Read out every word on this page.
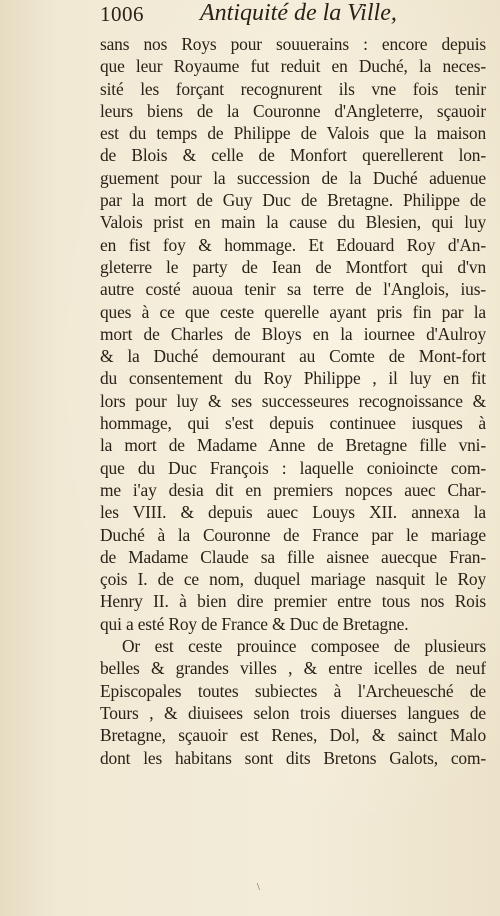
1006 Antiquité de la Ville,
sans nos Roys pour souuerains : encore depuis
que leur Royaume fut reduit en Duché, la neces-
sité les forçant recognurent ils vne fois tenir
leurs biens de la Couronne d'Angleterre, sçauoir
est du temps de Philippe de Valois que la maison
de Blois & celle de Monfort querellerent lon-
guement pour la succession de la Duché aduenue
par la mort de Guy Duc de Bretagne. Philippe de
Valois prist en main la cause du Blesien, qui luy
en fist foy & hommage. Et Edouard Roy d'An-
gleterre le party de Iean de Montfort qui d'vn
autre costé auoua tenir sa terre de l'Anglois, ius-
ques à ce que ceste querelle ayant pris fin par la
mort de Charles de Bloys en la iournee d'Aulroy
& la Duché demourant au Comte de Mont-fort
du consentement du Roy Philippe , il luy en fit
lors pour luy & ses successeures recognoissance &
hommage, qui s'est depuis continuee iusques à
la mort de Madame Anne de Bretagne fille vni-
que du Duc François : laquelle conioincte com-
me i'ay desia dit en premiers nopces auec Char-
les VIII. & depuis auec Louys XII. annexa la
Duché à la Couronne de France par le mariage
de Madame Claude sa fille aisnee auecque Fran-
çois I. de ce nom, duquel mariage nasquit le Roy
Henry II. à bien dire premier entre tous nos Rois
qui a esté Roy de France & Duc de Bretagne.
Or est ceste prouince composee de plusieurs
belles & grandes villes , & entre icelles de neuf
Episcopales toutes subiectes à l'Archeuesché de
Tours , & diuisees selon trois diuerses langues de
Bretagne, sçauoir est Renes, Dol, & sainct Malo
dont les habitans sont dits Bretons Galots, com-
\
